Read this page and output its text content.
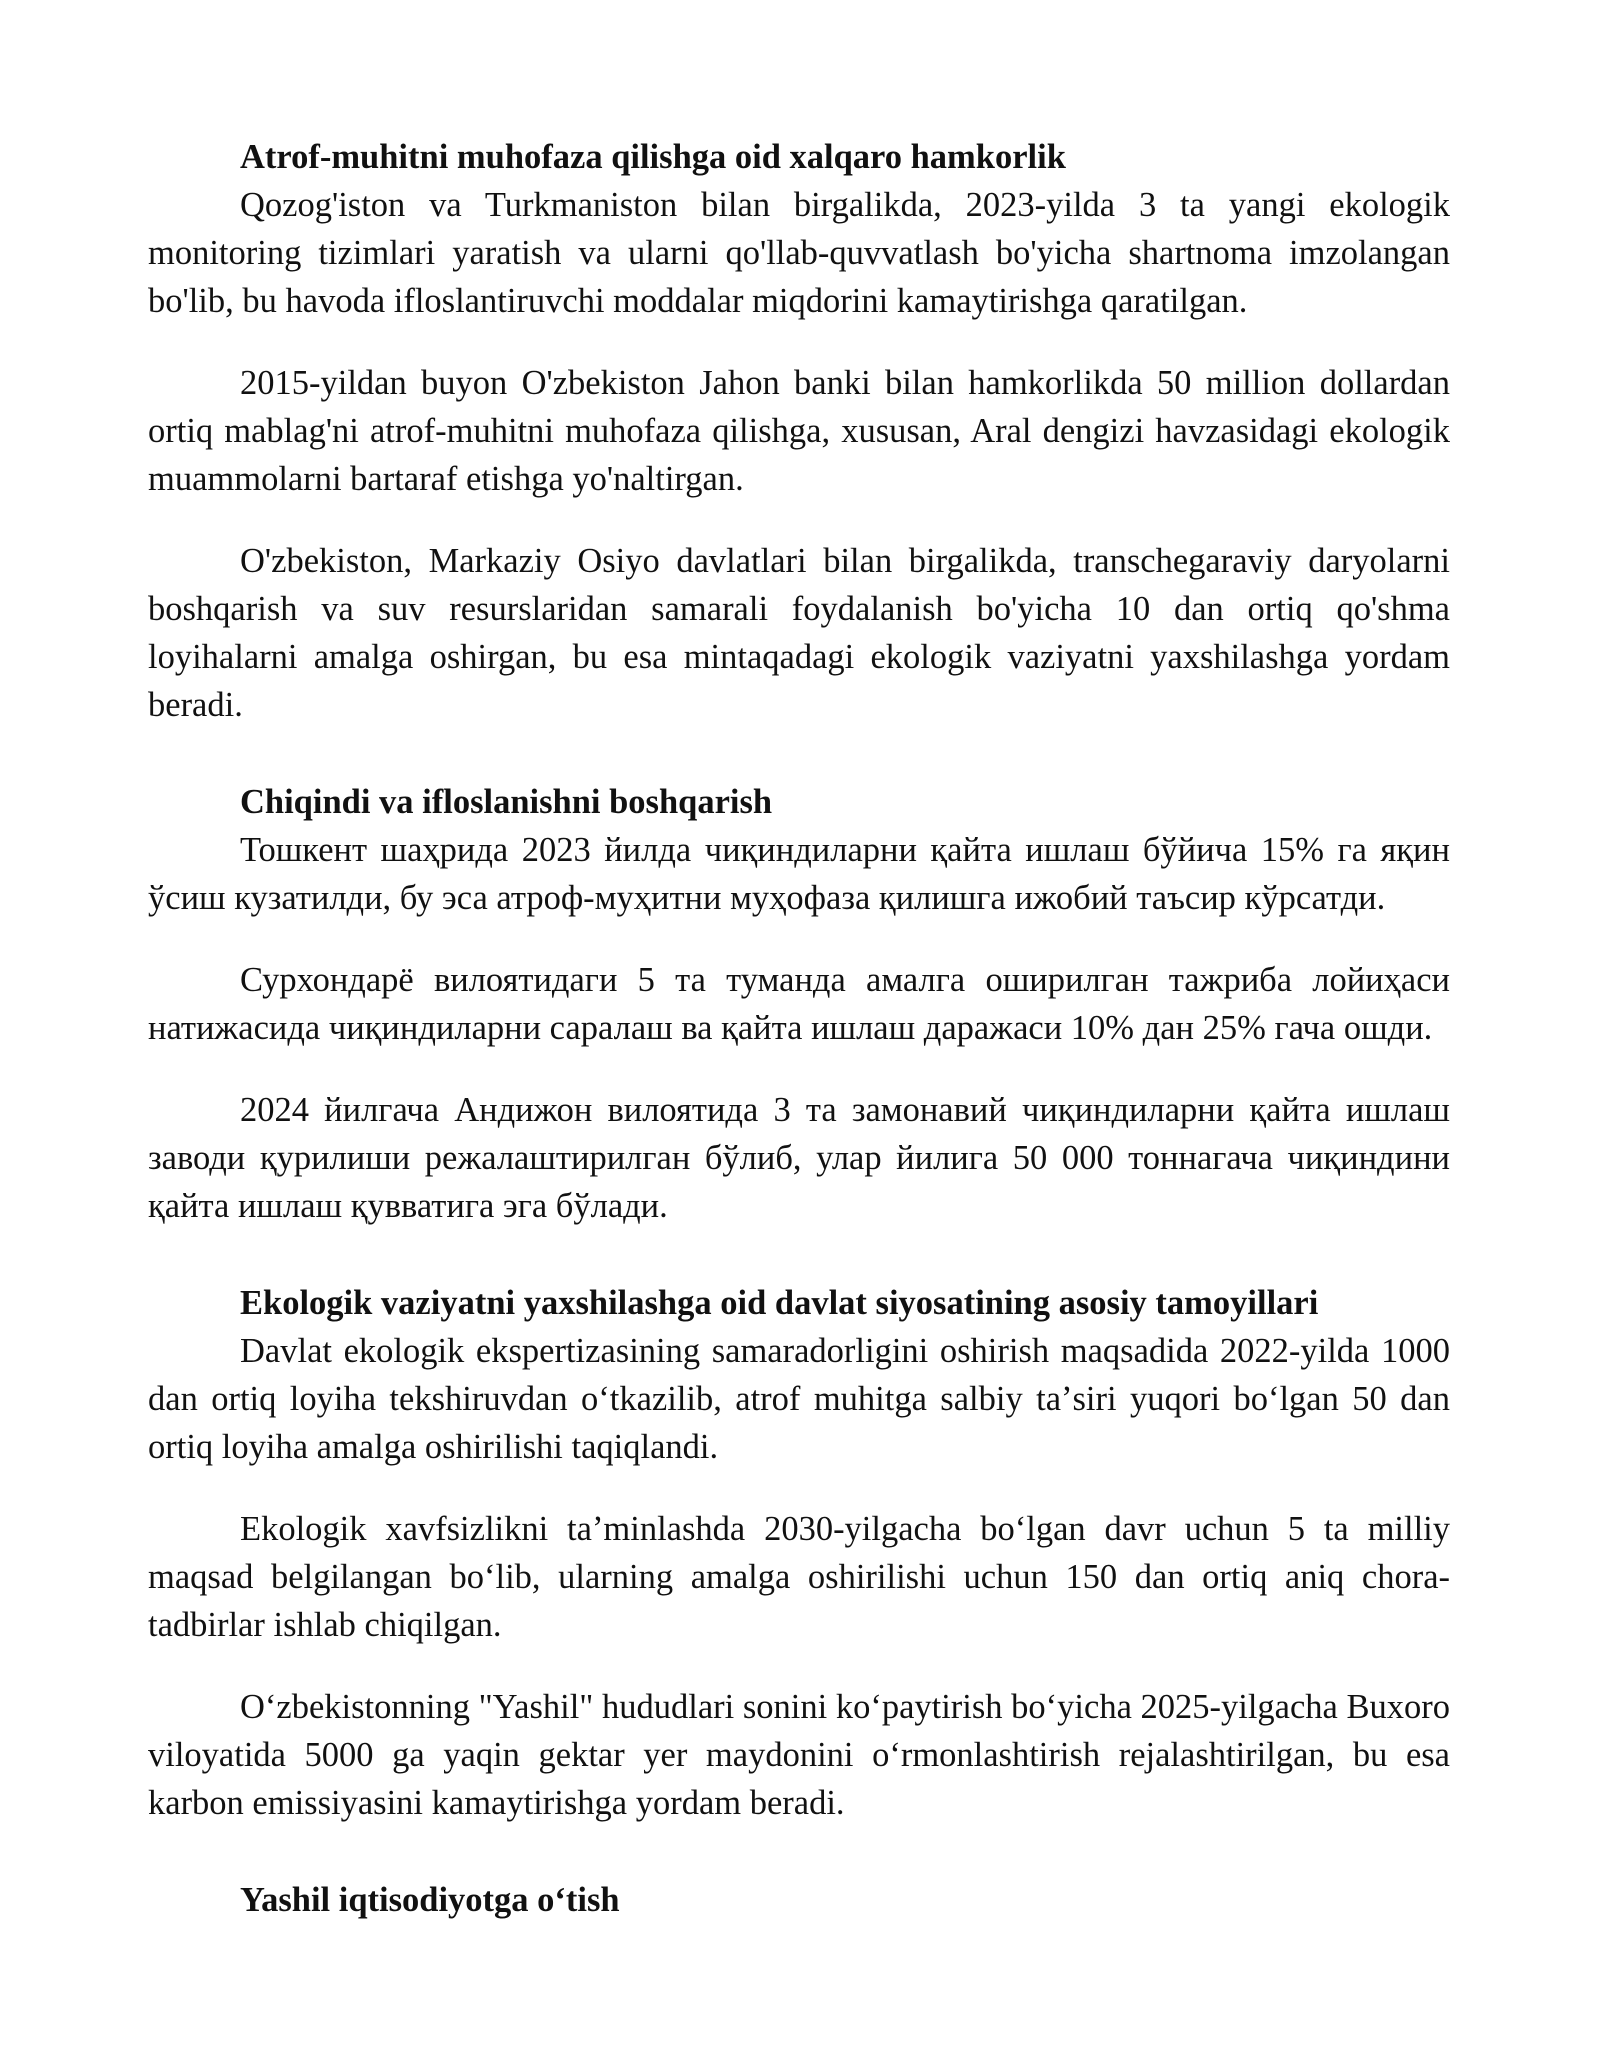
Atrof-muhitni muhofaza qilishga oid xalqaro hamkorlik

Qozog'iston va Turkmaniston bilan birgalikda, 2023-yilda 3 ta yangi ekologik monitoring tizimlari yaratish va ularni qo'llab-quvvatlash bo'yicha shartnoma imzolangan bo'lib, bu havoda ifloslantiruvchi moddalar miqdorini kamaytirishga qaratilgan.

2015-yildan buyon O'zbekiston Jahon banki bilan hamkorlikda 50 million dollardan ortiq mablag'ni atrof-muhitni muhofaza qilishga, xususan, Aral dengizi havzasidagi ekologik muammolarni bartaraf etishga yo'naltirgan.

O'zbekiston, Markaziy Osiyo davlatlari bilan birgalikda, transchegaraviy daryolarni boshqarish va suv resurslaridan samarali foydalanish bo'yicha 10 dan ortiq qo'shma loyihalarni amalga oshirgan, bu esa mintaqadagi ekologik vaziyatni yaxshilashga yordam beradi.

Chiqindi va ifloslanishni boshqarish

Тошкент шаҳрида 2023 йилда чиқиндиларни қайта ишлаш бўйича 15% га яқин ўсиш кузатилди, бу эса атроф-муҳитни муҳофаза қилишга ижобий таъсир кўрсатди.

Сурхондарё вилоятидаги 5 та туманда амалга оширилган тажриба лойиҳаси натижасида чиқиндиларни саралаш ва қайта ишлаш даражаси 10% дан 25% гача ошди.

2024 йилгача Андижон вилоятида 3 та замонавий чиқиндиларни қайта ишлаш заводи қурилиши режалаштирилган бўлиб, улар йилига 50 000 тоннагача чиқиндини қайта ишлаш қувватига эга бўлади.

Ekologik vaziyatni yaxshilashga oid davlat siyosatining asosiy tamoyillari

Davlat ekologik ekspertizasining samaradorligini oshirish maqsadida 2022-yilda 1000 dan ortiq loyiha tekshiruvdan oʻtkazilib, atrof muhitga salbiy taʼsiri yuqori boʻlgan 50 dan ortiq loyiha amalga oshirilishi taqiqlandi.

Ekologik xavfsizlikni taʼminlashda 2030-yilgacha boʻlgan davr uchun 5 ta milliy maqsad belgilangan boʻlib, ularning amalga oshirilishi uchun 150 dan ortiq aniq chora-tadbirlar ishlab chiqilgan.

Oʻzbekistonning "Yashil" hududlari sonini koʻpaytirish boʻyicha 2025-yilgacha Buxoro viloyatida 5000 ga yaqin gektar yer maydonini oʻrmonlashtirish rejalashtirilgan, bu esa karbon emissiyasini kamaytirishga yordam beradi.

Yashil iqtisodiyotga oʻtish
